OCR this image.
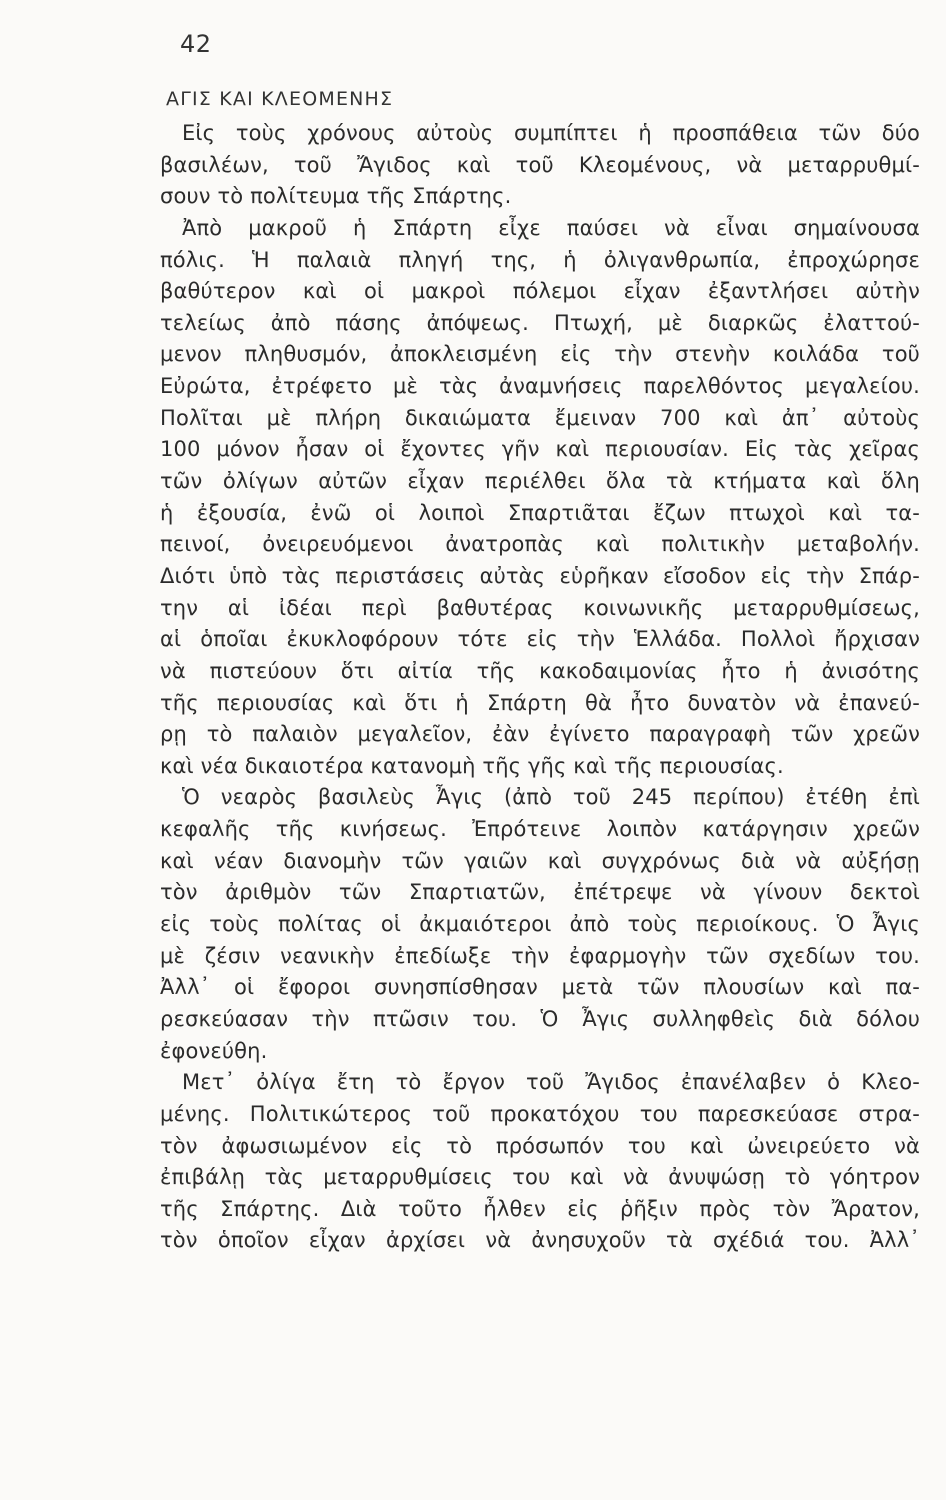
42
ΑΓΙΣ ΚΑΙ ΚΛΕΟΜΕΝΗΣ
Εἰς τοὺς χρόνους αὐτοὺς συμπίπτει ἡ προσπάθεια τῶν δύο
βασιλέων, τοῦ Ἄγιδος καὶ τοῦ Κλεομένους, νὰ μεταρρυθμί-
σουν τὸ πολίτευμα τῆς Σπάρτης.
Ἀπὸ μακροῦ ἡ Σπάρτη εἶχε παύσει νὰ εἶναι σημαίνουσα
πόλις. Ἡ παλαιὰ πληγή της, ἡ ὀλιγανθρωπία, ἐπροχώρησε
βαθύτερον καὶ οἱ μακροὶ πόλεμοι εἶχαν ἐξαντλήσει αὐτὴν
τελείως ἀπὸ πάσης ἀπόψεως. Πτωχή, μὲ διαρκῶς ἐλαττού-
μενον πληθυσμόν, ἀποκλεισμένη εἰς τὴν στενὴν κοιλάδα τοῦ
Εὐρώτα, ἐτρέφετο μὲ τὰς ἀναμνήσεις παρελθόντος μεγαλείου.
Πολῖται μὲ πλήρη δικαιώματα ἔμειναν 700 καὶ ἀπ᾽ αὐτοὺς
100 μόνον ἦσαν οἱ ἔχοντες γῆν καὶ περιουσίαν. Εἰς τὰς χεῖρας
τῶν ὀλίγων αὐτῶν εἶχαν περιέλθει ὅλα τὰ κτήματα καὶ ὅλη
ἡ ἐξουσία, ἐνῶ οἱ λοιποὶ Σπαρτιᾶται ἔζων πτωχοὶ καὶ τα-
πεινοί, ὀνειρευόμενοι ἀνατροπὰς καὶ πολιτικὴν μεταβολήν.
Διότι ὑπὸ τὰς περιστάσεις αὐτὰς εὑρῆκαν εἴσοδον εἰς τὴν Σπάρ-
την αἱ ἰδέαι περὶ βαθυτέρας κοινωνικῆς μεταρρυθμίσεως,
αἱ ὁποῖαι ἐκυκλοφόρουν τότε εἰς τὴν Ἑλλάδα. Πολλοὶ ἤρχισαν
νὰ πιστεύουν ὅτι αἰτία τῆς κακοδαιμονίας ἦτο ἡ ἀνισότης
τῆς περιουσίας καὶ ὅτι ἡ Σπάρτη θὰ ἦτο δυνατὸν νὰ ἐπανεύ-
ρῃ τὸ παλαιὸν μεγαλεῖον, ἐὰν ἐγίνετο παραγραφὴ τῶν χρεῶν
καὶ νέα δικαιοτέρα κατανομὴ τῆς γῆς καὶ τῆς περιουσίας.
Ὁ νεαρὸς βασιλεὺς Ἆγις (ἀπὸ τοῦ 245 περίπου) ἐτέθη ἐπὶ
κεφαλῆς τῆς κινήσεως. Ἐπρότεινε λοιπὸν κατάργησιν χρεῶν
καὶ νέαν διανομὴν τῶν γαιῶν καὶ συγχρόνως διὰ νὰ αὐξήσῃ
τὸν ἀριθμὸν τῶν Σπαρτιατῶν, ἐπέτρεψε νὰ γίνουν δεκτοὶ
εἰς τοὺς πολίτας οἱ ἀκμαιότεροι ἀπὸ τοὺς περιοίκους. Ὁ Ἆγις
μὲ ζέσιν νεανικὴν ἐπεδίωξε τὴν ἐφαρμογὴν τῶν σχεδίων του.
Ἀλλ᾽ οἱ ἔφοροι συνησπίσθησαν μετὰ τῶν πλουσίων καὶ πα-
ρεσκεύασαν τὴν πτῶσιν του. Ὁ Ἆγις συλληφθεὶς διὰ δόλου
ἐφονεύθη.
Μετ᾽ ὀλίγα ἔτη τὸ ἔργον τοῦ Ἄγιδος ἐπανέλαβεν ὁ Κλεο-
μένης. Πολιτικώτερος τοῦ προκατόχου του παρεσκεύασε στρα-
τὸν ἀφωσιωμένον εἰς τὸ πρόσωπόν του καὶ ὠνειρεύετο νὰ
ἐπιβάλῃ τὰς μεταρρυθμίσεις του καὶ νὰ ἀνυψώσῃ τὸ γόητρον
τῆς Σπάρτης. Διὰ τοῦτο ἦλθεν εἰς ῥῆξιν πρὸς τὸν Ἄρατον,
τὸν ὁποῖον εἶχαν ἀρχίσει νὰ ἀνησυχοῦν τὰ σχέδιά του. Ἀλλ᾽
